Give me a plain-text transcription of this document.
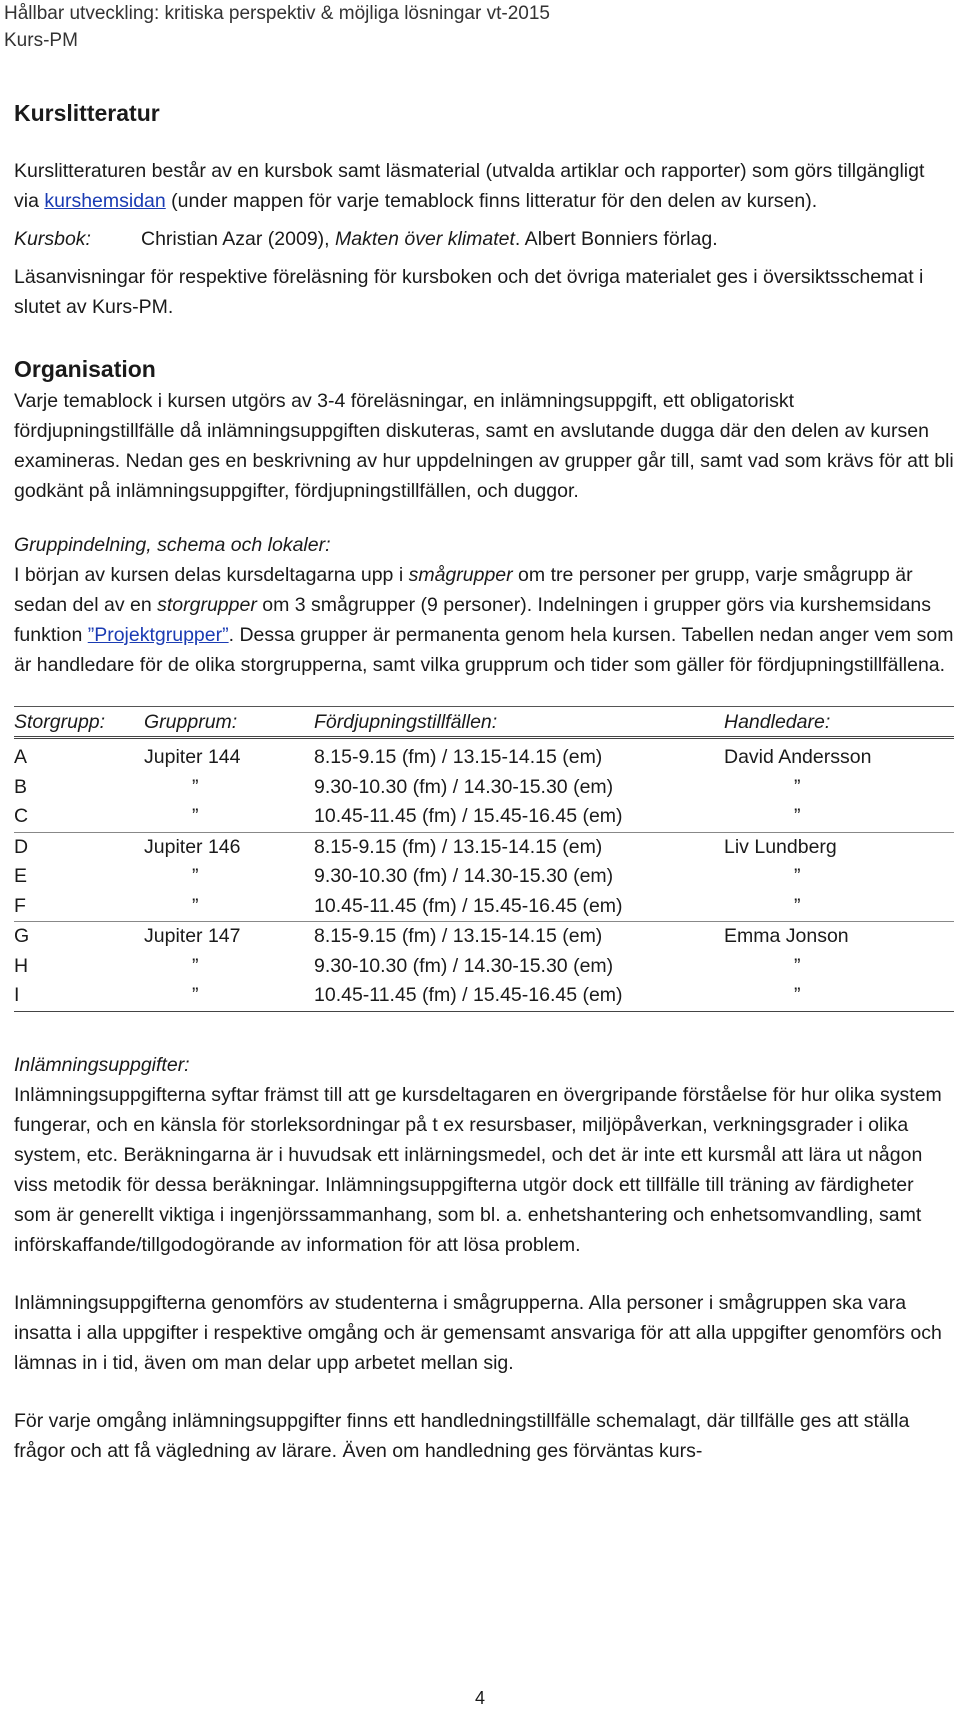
Hållbar utveckling: kritiska perspektiv & möjliga lösningar vt-2015
Kurs-PM
Kurslitteratur

Kurslitteraturen består av en kursbok samt läsmaterial (utvalda artiklar och rapporter) som görs tillgängligt via kurshemsidan (under mappen för varje temablock finns litteratur för den delen av kursen).

Kursbok:	Christian Azar (2009), Makten över klimatet. Albert Bonniers förlag.

Läsanvisningar för respektive föreläsning för kursboken och det övriga materialet ges i översiktsschemat i slutet av Kurs-PM.

Organisation

Varje temablock i kursen utgörs av 3-4 föreläsningar, en inlämningsuppgift, ett obligatoriskt fördjupningstillfälle då inlämningsuppgiften diskuteras, samt en avslutande dugga där den delen av kursen examineras. Nedan ges en beskrivning av hur uppdelningen av grupper går till, samt vad som krävs för att bli godkänt på inlämningsuppgifter, fördjupningstillfällen, och duggor.

Gruppindelning, schema och lokaler:

I början av kursen delas kursdeltagarna upp i smågrupper om tre personer per grupp, varje smågrupp är sedan del av en storgrupper om 3 smågrupper (9 personer). Indelningen i grupper görs via kurshemsidans funktion ”Projektgrupper”. Dessa grupper är permanenta genom hela kursen. Tabellen nedan anger vem som är handledare för de olika storgrupperna, samt vilka grupprum och tider som gäller för fördjupningstillfällena.

Storgrupp:	Grupprum:	Fördjupningstillfällen:	Handledare:
A	Jupiter 144	8.15-9.15 (fm) / 13.15-14.15 (em)	David Andersson
B	”	9.30-10.30 (fm) / 14.30-15.30 (em)	”
C	”	10.45-11.45 (fm) / 15.45-16.45 (em)	”
D	Jupiter 146	8.15-9.15 (fm) / 13.15-14.15 (em)	Liv Lundberg
E	”	9.30-10.30 (fm) / 14.30-15.30 (em)	”
F	”	10.45-11.45 (fm) / 15.45-16.45 (em)	”
G	Jupiter 147	8.15-9.15 (fm) / 13.15-14.15 (em)	Emma Jonson
H	”	9.30-10.30 (fm) / 14.30-15.30 (em)	”
I	”	10.45-11.45 (fm) / 15.45-16.45 (em)	”

Inlämningsuppgifter:

Inlämningsuppgifterna syftar främst till att ge kursdeltagaren en övergripande förståelse för hur olika system fungerar, och en känsla för storleksordningar på t ex resursbaser, miljöpåverkan, verkningsgrader i olika system, etc. Beräkningarna är i huvudsak ett inlärningsmedel, och det är inte ett kursmål att lära ut någon viss metodik för dessa beräkningar. Inlämningsuppgifterna utgör dock ett tillfälle till träning av färdigheter som är generellt viktiga i ingenjörssammanhang, som bl. a. enhetshantering och enhetsomvandling, samt införskaffande/tillgodogörande av information för att lösa problem.

Inlämningsuppgifterna genomförs av studenterna i smågrupperna. Alla personer i smågruppen ska vara insatta i alla uppgifter i respektive omgång och är gemensamt ansvariga för att alla uppgifter genomförs och lämnas in i tid, även om man delar upp arbetet mellan sig.

För varje omgång inlämningsuppgifter finns ett handledningstillfälle schemalagt, där tillfälle ges att ställa frågor och att få vägledning av lärare. Även om handledning ges förväntas kurs-

4
